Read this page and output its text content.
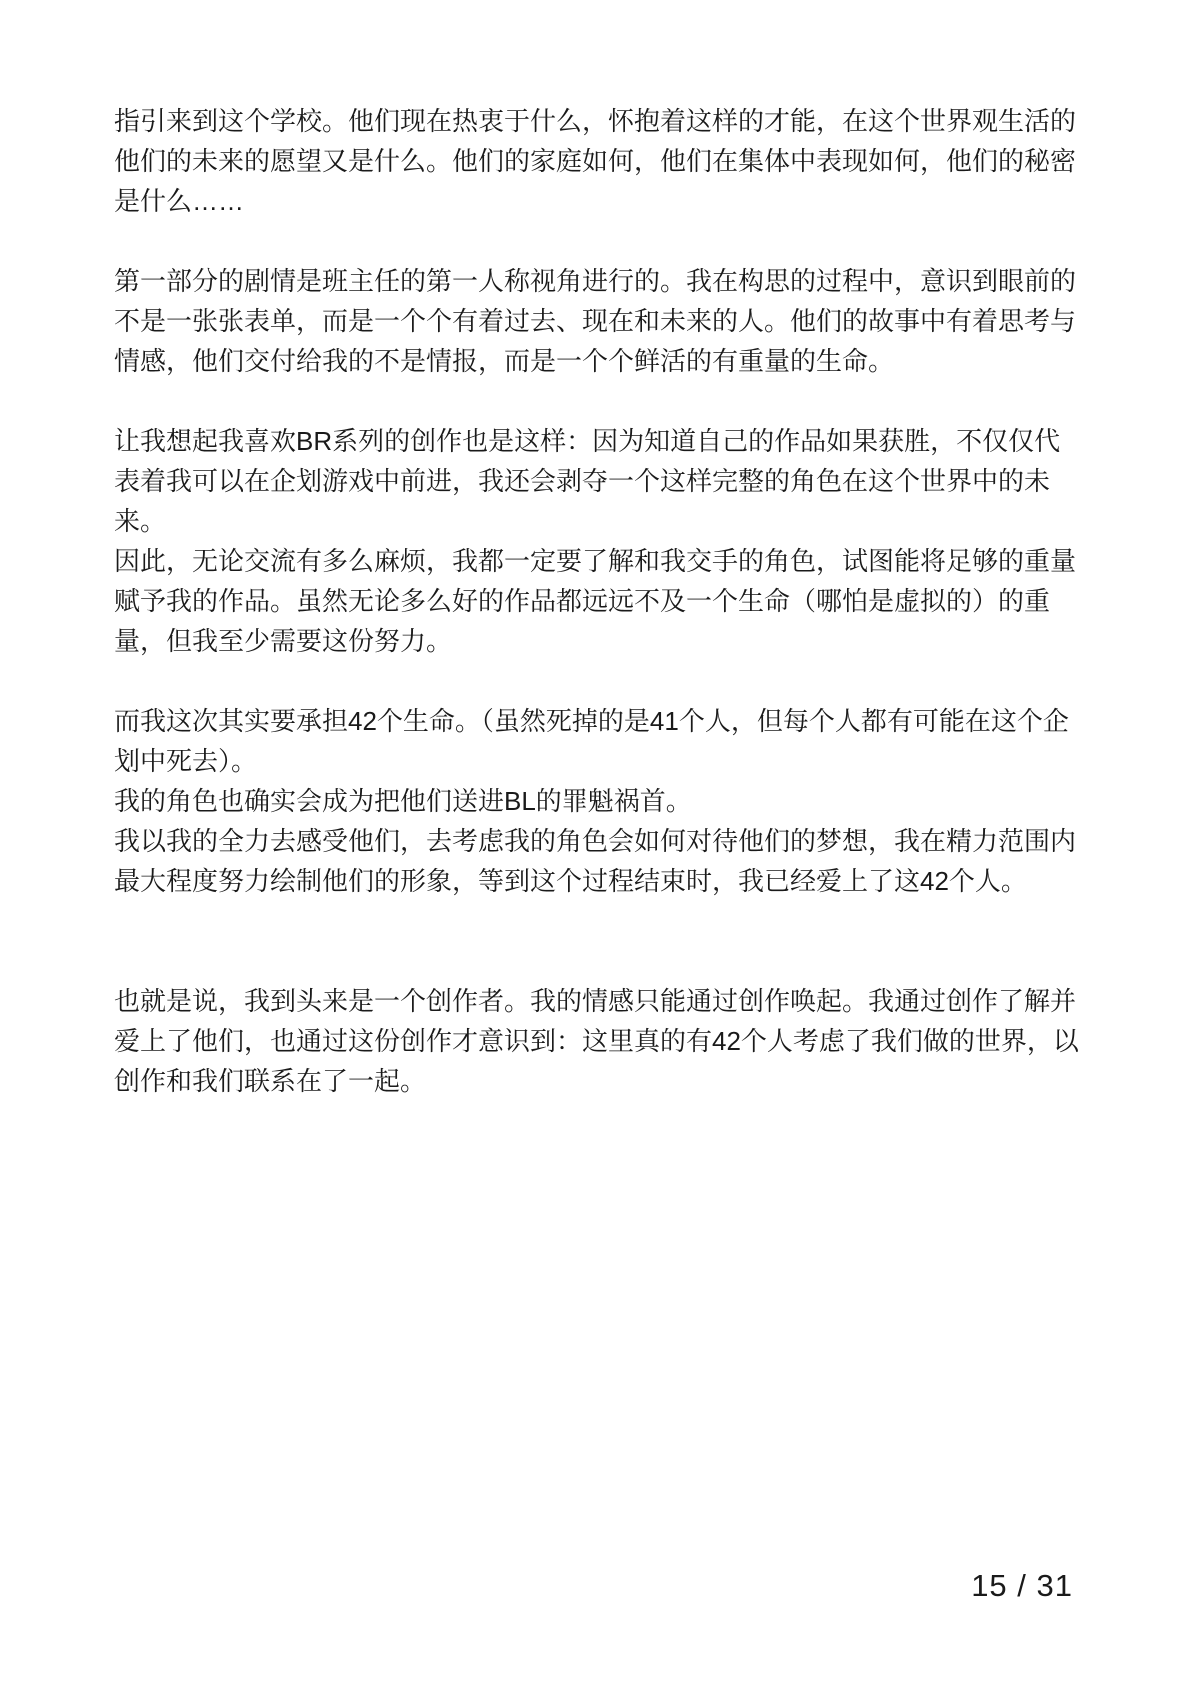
指引来到这个学校。他们现在热衷于什么，怀抱着这样的才能，在这个世界观生活的他们的未来的愿望又是什么。他们的家庭如何，他们在集体中表现如何，他们的秘密是什么……

第一部分的剧情是班主任的第一人称视角进行的。我在构思的过程中，意识到眼前的不是一张张表单，而是一个个有着过去、现在和未来的人。他们的故事中有着思考与情感，他们交付给我的不是情报，而是一个个鲜活的有重量的生命。

让我想起我喜欢BR系列的创作也是这样：因为知道自己的作品如果获胜，不仅仅代表着我可以在企划游戏中前进，我还会剥夺一个这样完整的角色在这个世界中的未来。

因此，无论交流有多么麻烦，我都一定要了解和我交手的角色，试图能将足够的重量赋予我的作品。虽然无论多么好的作品都远远不及一个生命（哪怕是虚拟的）的重量，但我至少需要这份努力。

而我这次其实要承担42个生命。（虽然死掉的是41个人，但每个人都有可能在这个企划中死去）。

我的角色也确实会成为把他们送进BL的罪魁祸首。

我以我的全力去感受他们，去考虑我的角色会如何对待他们的梦想，我在精力范围内最大程度努力绘制他们的形象，等到这个过程结束时，我已经爱上了这42个人。

也就是说，我到头来是一个创作者。我的情感只能通过创作唤起。我通过创作了解并爱上了他们，也通过这份创作才意识到：这里真的有42个人考虑了我们做的世界，以创作和我们联系在了一起。

15 / 31
